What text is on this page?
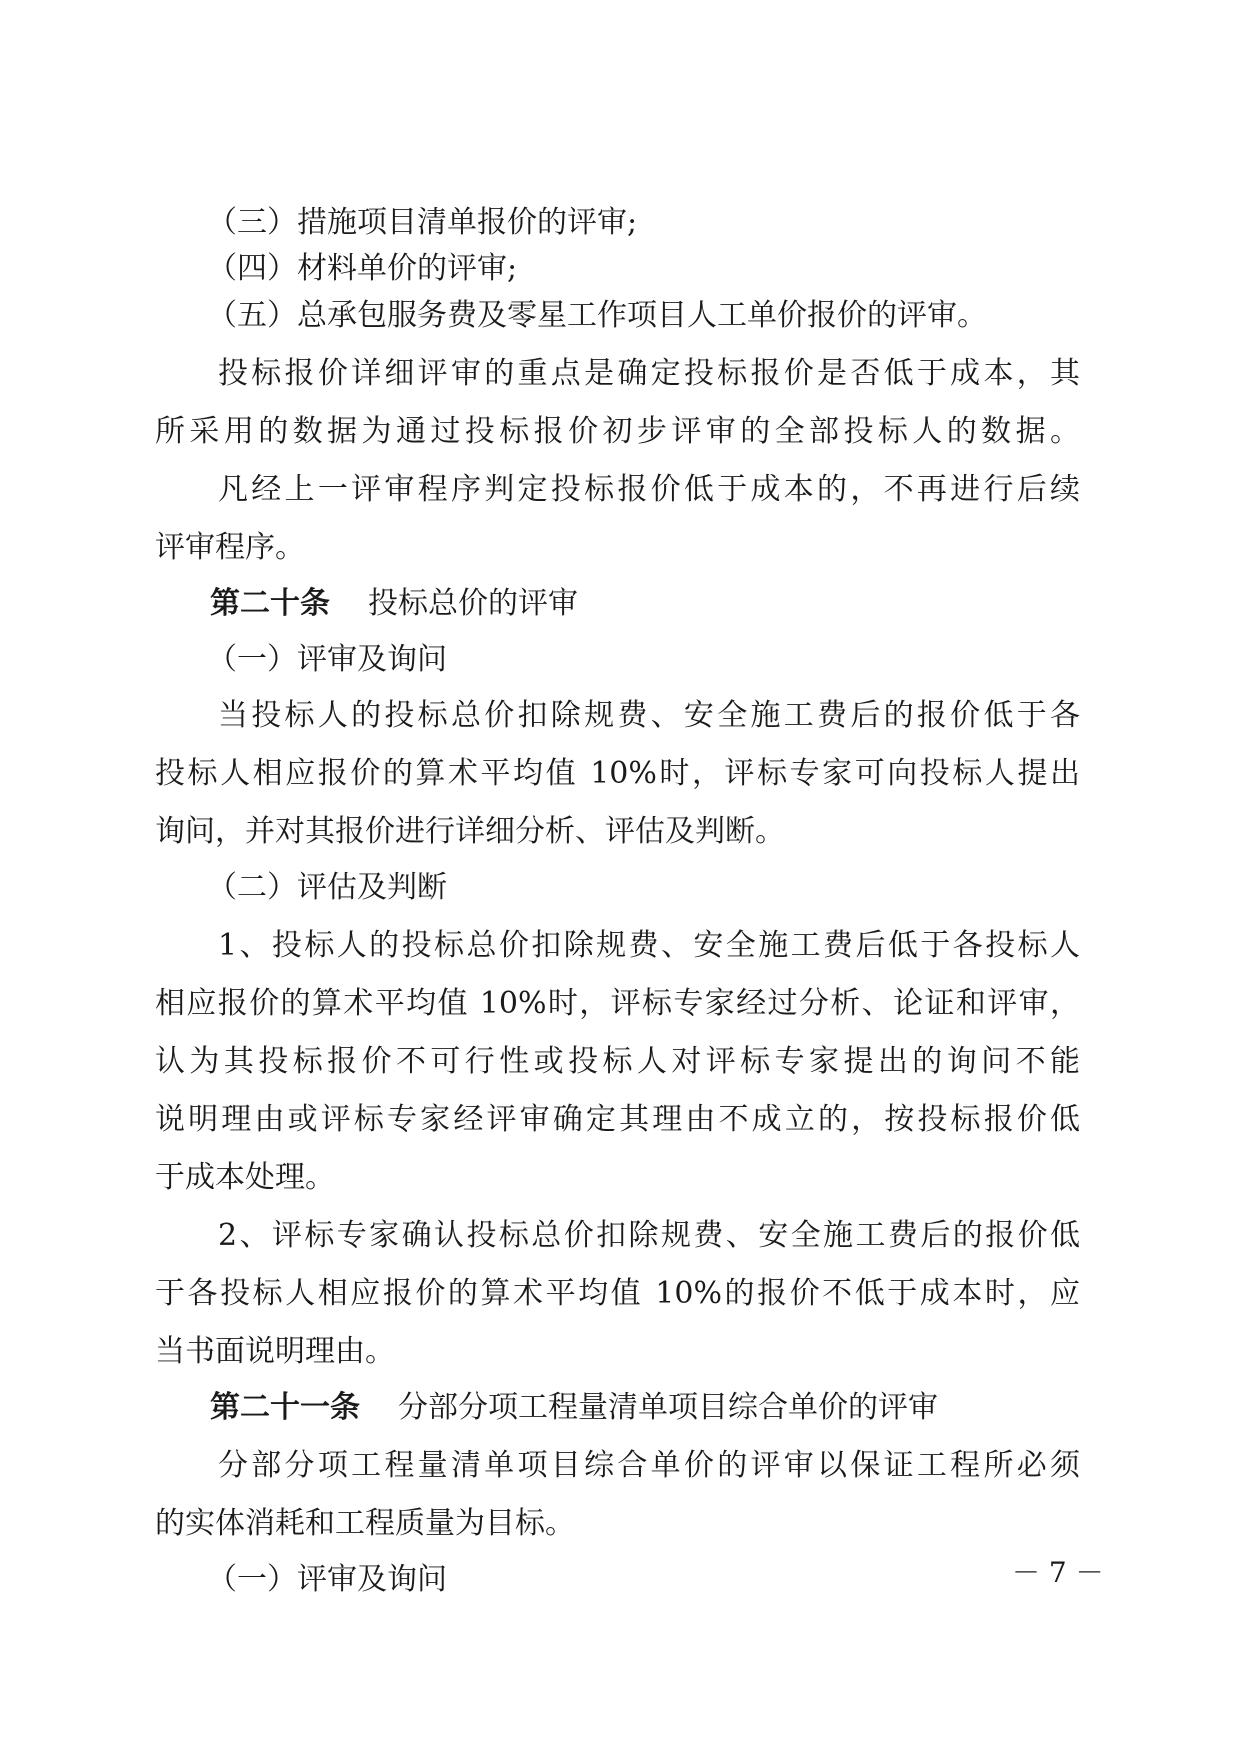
（三）措施项目清单报价的评审;
（四）材料单价的评审;
（五）总承包服务费及零星工作项目人工单价报价的评审。
投标报价详细评审的重点是确定投标报价是否低于成本，其
所采用的数据为通过投标报价初步评审的全部投标人的数据。
凡经上一评审程序判定投标报价低于成本的，不再进行后续
评审程序。
第二十条 投标总价的评审
（一）评审及询问
当投标人的投标总价扣除规费、安全施工费后的报价低于各
投标人相应报价的算术平均值 10%时，评标专家可向投标人提出
询问，并对其报价进行详细分析、评估及判断。
（二）评估及判断
1、投标人的投标总价扣除规费、安全施工费后低于各投标人
相应报价的算术平均值 10%时，评标专家经过分析、论证和评审，
认为其投标报价不可行性或投标人对评标专家提出的询问不能
说明理由或评标专家经评审确定其理由不成立的，按投标报价低
于成本处理。
2、评标专家确认投标总价扣除规费、安全施工费后的报价低
于各投标人相应报价的算术平均值 10%的报价不低于成本时，应
当书面说明理由。
第二十一条 分部分项工程量清单项目综合单价的评审
分部分项工程量清单项目综合单价的评审以保证工程所必须
的实体消耗和工程质量为目标。
（一）评审及询问	－ 7 －
